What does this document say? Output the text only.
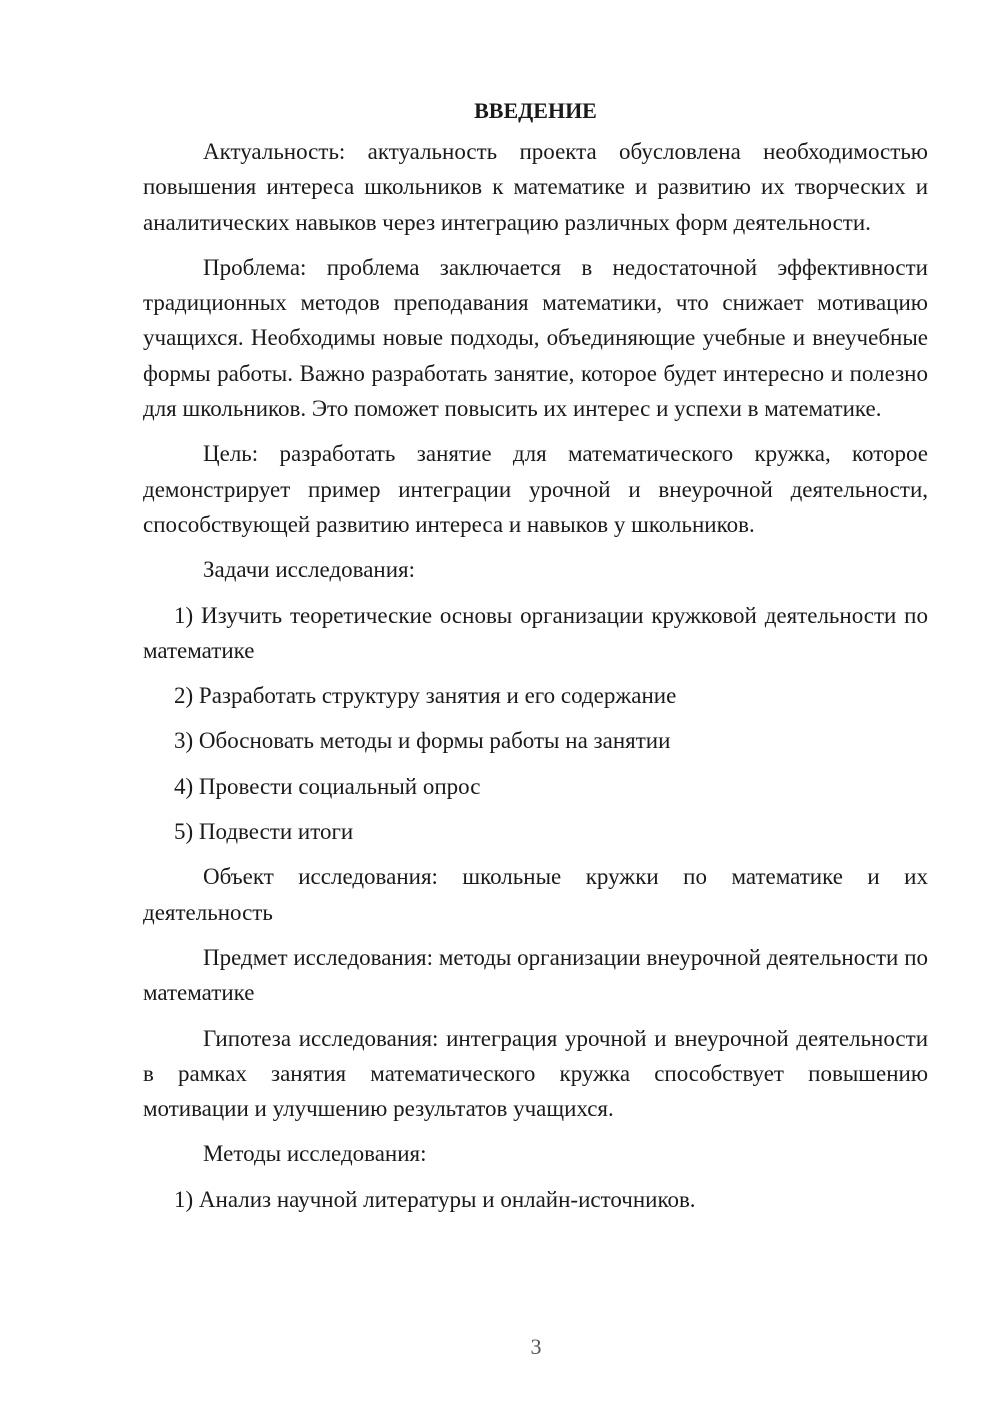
ВВЕДЕНИЕ

Актуальность: актуальность проекта обусловлена необходимостью повышения интереса школьников к математике и развитию их творческих и аналитических навыков через интеграцию различных форм деятельности.

Проблема: проблема заключается в недостаточной эффективности традиционных методов преподавания математики, что снижает мотивацию учащихся. Необходимы новые подходы, объединяющие учебные и внеучебные формы работы. Важно разработать занятие, которое будет интересно и полезно для школьников. Это поможет повысить их интерес и успехи в математике.

Цель: разработать занятие для математического кружка, которое демонстрирует пример интеграции урочной и внеурочной деятельности, способствующей развитию интереса и навыков у школьников.

Задачи исследования:

1) Изучить теоретические основы организации кружковой деятельности по математике

2) Разработать структуру занятия и его содержание

3) Обосновать методы и формы работы на занятии

4) Провести социальный опрос

5) Подвести итоги

Объект исследования: школьные кружки по математике и их деятельность

Предмет исследования: методы организации внеурочной деятельности по математике

Гипотеза исследования: интеграция урочной и внеурочной деятельности в рамках занятия математического кружка способствует повышению мотивации и улучшению результатов учащихся.

Методы исследования:

1) Анализ научной литературы и онлайн-источников.

3
